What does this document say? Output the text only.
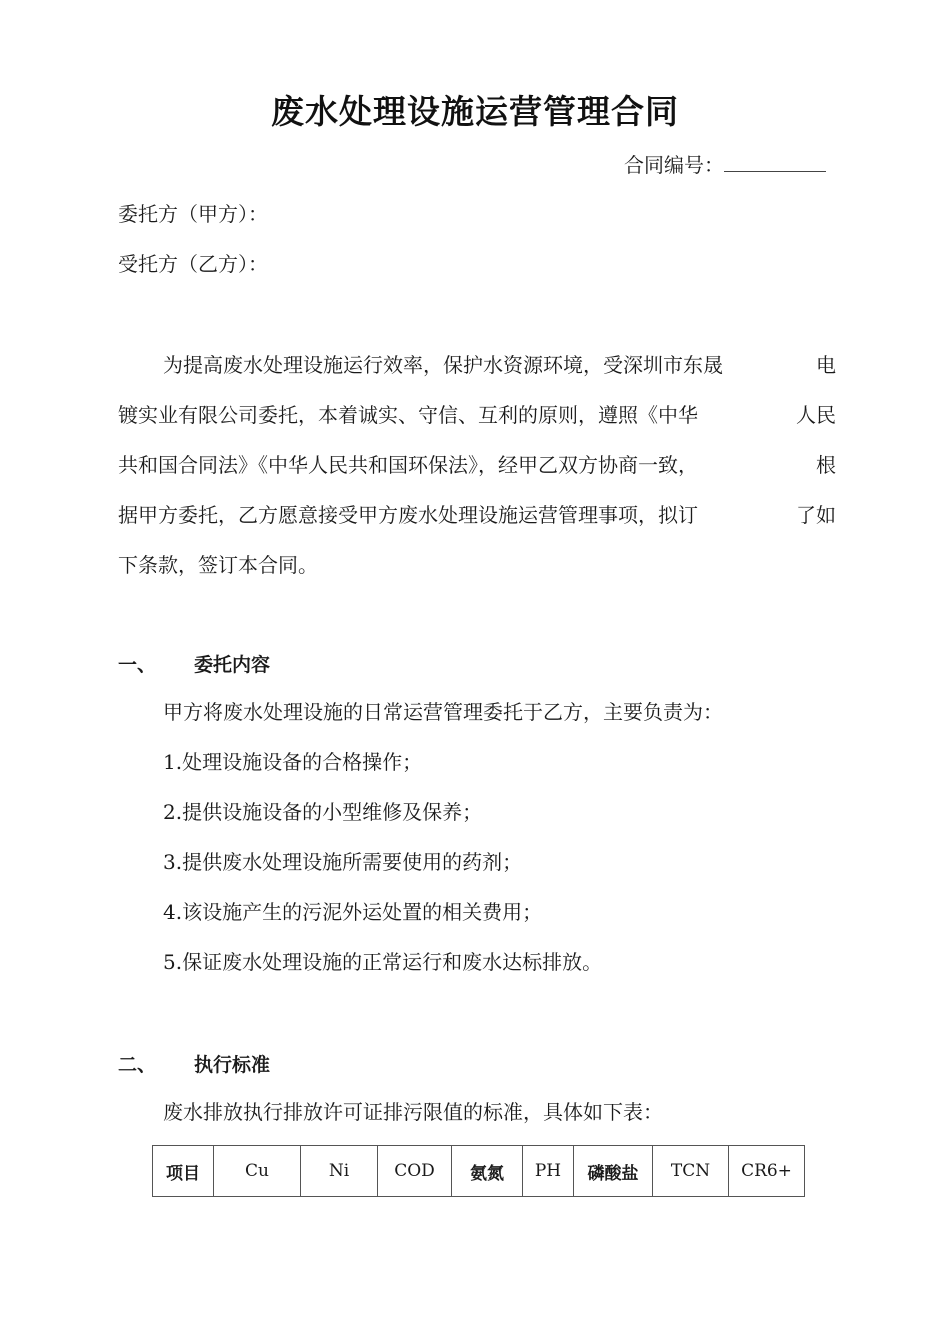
废水处理设施运营管理合同
合同编号：
委托方（甲方）：
受托方（乙方）：
为提高废水处理设施运行效率，保护水资源环境，受深圳市东晟	电
镀实业有限公司委托，本着诚实、守信、互利的原则，遵照《中华	人民
共和国合同法》《中华人民共和国环保法》，经甲乙双方协商一致，	根
据甲方委托，乙方愿意接受甲方废水处理设施运营管理事项，拟订	了如
下条款，签订本合同。
一、 委托内容
甲方将废水处理设施的日常运营管理委托于乙方，主要负责为：
1.处理设施设备的合格操作；
2.提供设施设备的小型维修及保养；
3.提供废水处理设施所需要使用的药剂；
4.该设施产生的污泥外运处置的相关费用；
5.保证废水处理设施的正常运行和废水达标排放。
二、 执行标准
废水排放执行排放许可证排污限值的标准，具体如下表：
项目	Cu	Ni	COD	氨氮	PH	磷酸盐	TCN	CR6+
